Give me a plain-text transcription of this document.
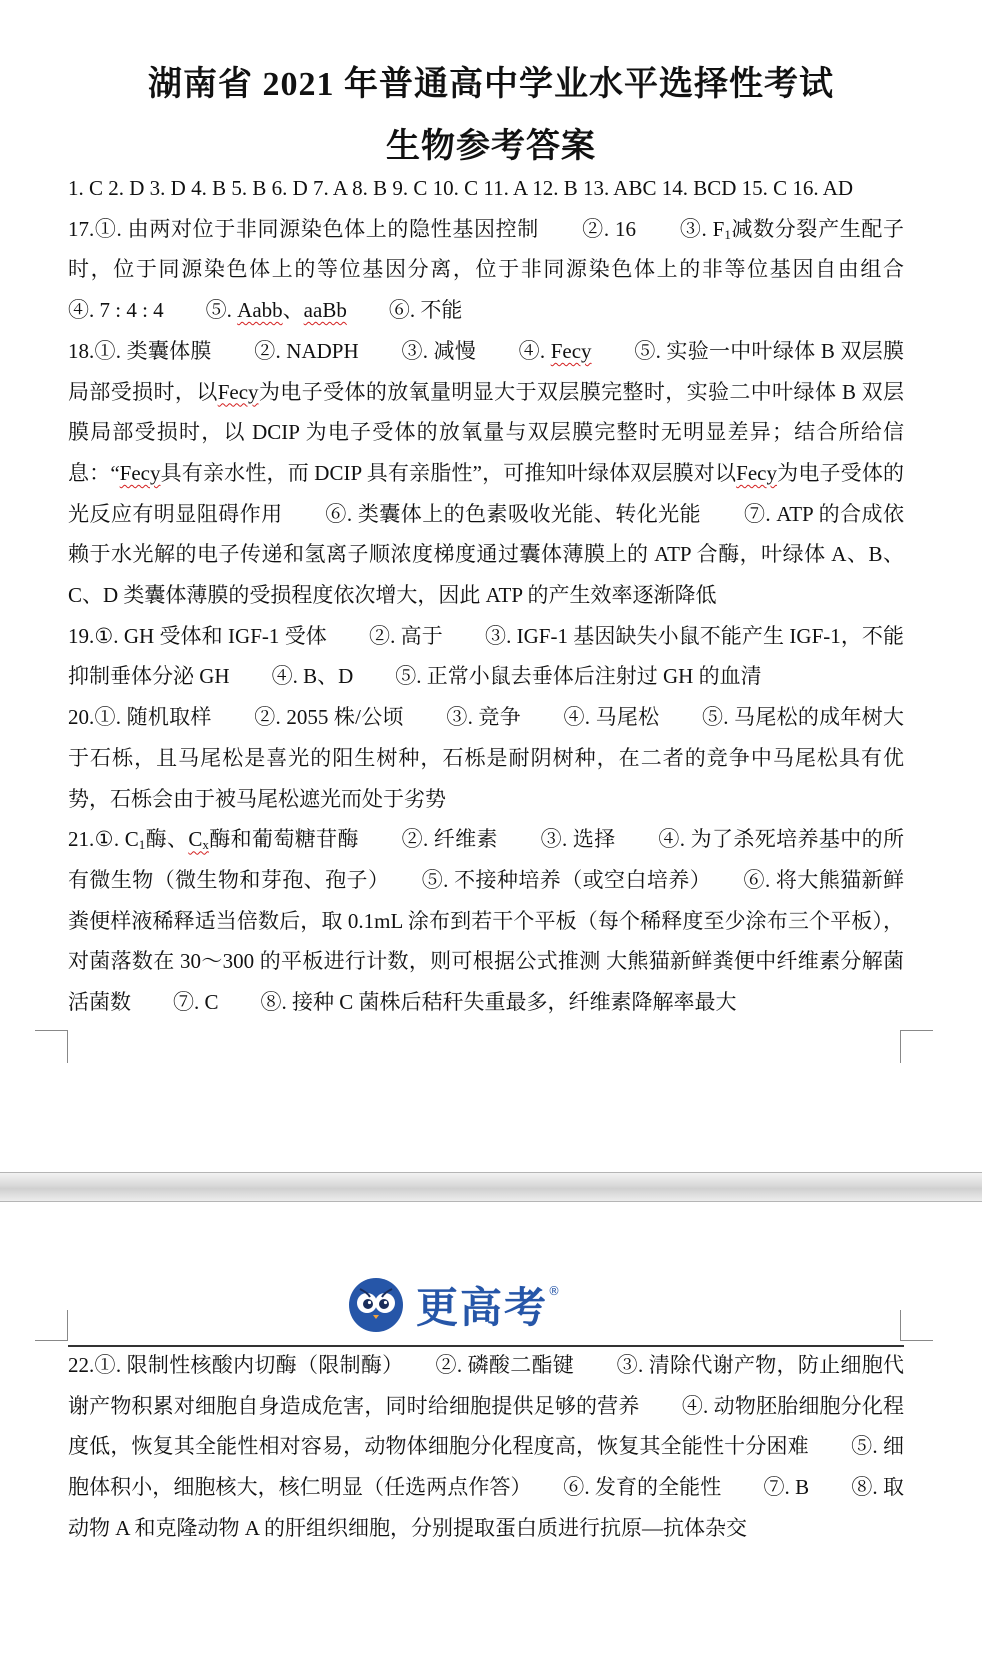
湖南省 2021 年普通高中学业水平选择性考试
生物参考答案

1. C 2. D 3. D 4. B 5. B 6. D 7. A 8. B 9. C 10. C 11. A 12. B 13. ABC 14. BCD 15. C 16. AD

17.①. 由两对位于非同源染色体上的隐性基因控制　　②. 16　　③. $F_1$减数分裂产生配子时，位于同源染色体上的等位基因分离，位于非同源染色体上的非等位基因自由组合　　④. 7 : 4 : 4　　⑤. Aabb、aaBb　　⑥. 不能

18.①. 类囊体膜　　②. NADPH　　③. 减慢　　④. Fecy　　⑤. 实验一中叶绿体 B 双层膜局部受损时，以Fecy为电子受体的放氧量明显大于双层膜完整时，实验二中叶绿体 B 双层膜局部受损时，以 DCIP 为电子受体的放氧量与双层膜完整时无明显差异；结合所给信息：“Fecy具有亲水性，而 DCIP 具有亲脂性”，可推知叶绿体双层膜对以Fecy为电子受体的光反应有明显阻碍作用　　⑥. 类囊体上的色素吸收光能、转化光能　　⑦. ATP 的合成依赖于水光解的电子传递和氢离子顺浓度梯度通过囊体薄膜上的 ATP 合酶，叶绿体 A、B、C、D 类囊体薄膜的受损程度依次增大，因此 ATP 的产生效率逐渐降低

19.①. GH 受体和 IGF-1 受体　　②. 高于　　③. IGF-1 基因缺失小鼠不能产生 IGF-1，不能抑制垂体分泌 GH　　④. B、D　　⑤. 正常小鼠去垂体后注射过 GH 的血清

20.①. 随机取样　　②. 2055 株/公顷　　③. 竞争　　④. 马尾松　　⑤. 马尾松的成年树大于石栎，且马尾松是喜光的阳生树种，石栎是耐阴树种，在二者的竞争中马尾松具有优势，石栎会由于被马尾松遮光而处于劣势

21.①. $C_1$酶、$C_x$酶和葡萄糖苷酶　　②. 纤维素　　③. 选择　　④. 为了杀死培养基中的所有微生物（微生物和芽孢、孢子）　　⑤. 不接种培养（或空白培养）　　⑥. 将大熊猫新鲜粪便样液稀释适当倍数后，取 0.1mL 涂布到若干个平板（每个稀释度至少涂布三个平板），对菌落数在 30～300 的平板进行计数，则可根据公式推测 大熊猫新鲜粪便中纤维素分解菌活菌数　　⑦. C　　⑧. 接种 C 菌株后秸秆失重最多，纤维素降解率最大

更高考 ®

22.①. 限制性核酸内切酶（限制酶）　　②. 磷酸二酯键　　③. 清除代谢产物，防止细胞代谢产物积累对细胞自身造成危害，同时给细胞提供足够的营养　　④. 动物胚胎细胞分化程度低，恢复其全能性相对容易，动物体细胞分化程度高，恢复其全能性十分困难　　⑤. 细胞体积小，细胞核大，核仁明显（任选两点作答）　　⑥. 发育的全能性　　⑦. B　　⑧. 取动物 A 和克隆动物 A 的肝组织细胞，分别提取蛋白质进行抗原—抗体杂交
